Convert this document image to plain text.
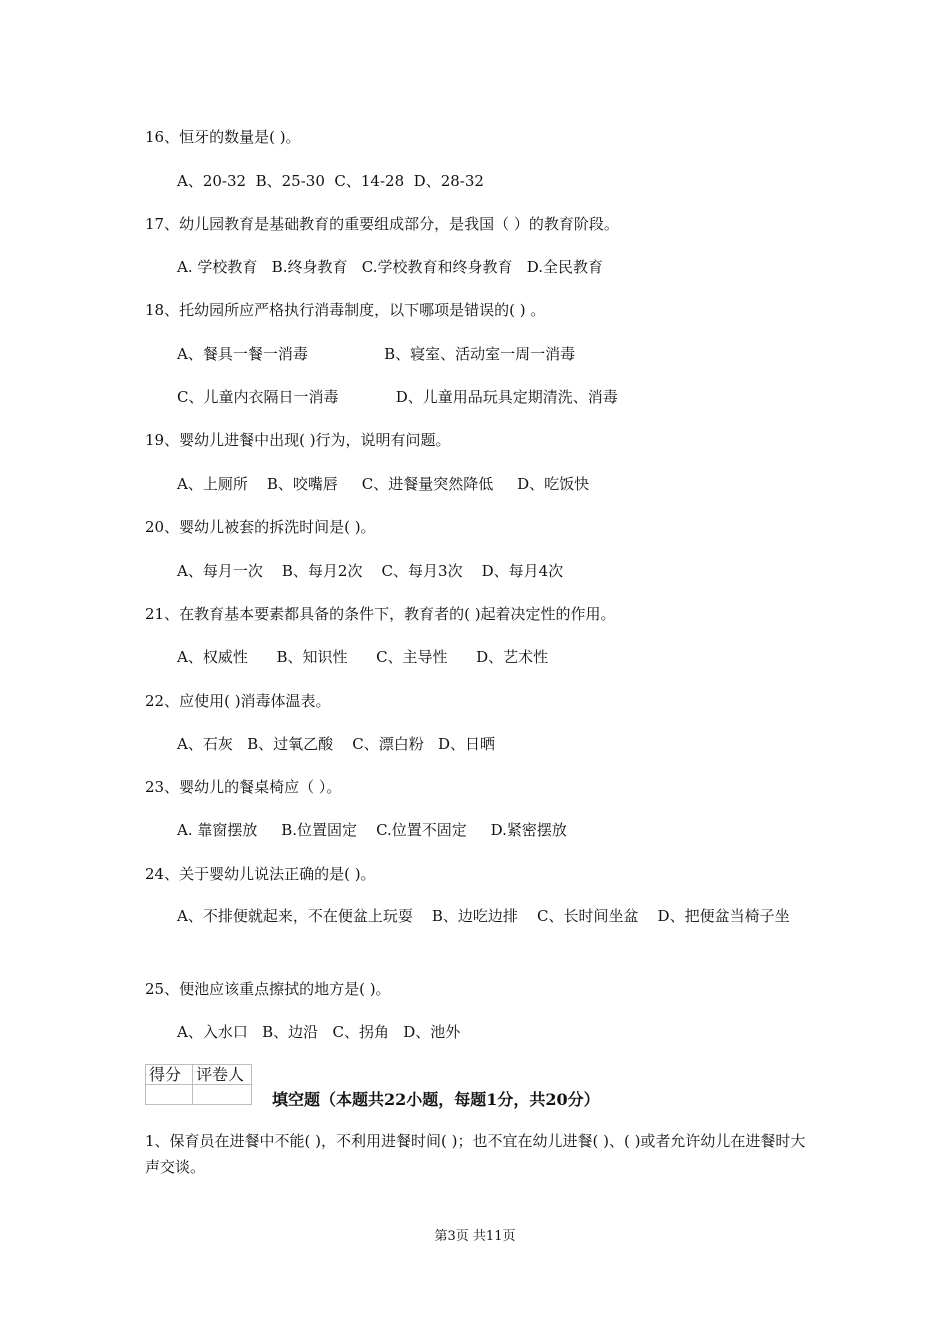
16、恒牙的数量是( )。
A、20-32  B、25-30  C、14-28  D、28-32
17、幼儿园教育是基础教育的重要组成部分，是我国（ ）的教育阶段。
A. 学校教育   B.终身教育   C.学校教育和终身教育   D.全民教育
18、托幼园所应严格执行消毒制度，以下哪项是错误的( ) 。
A、餐具一餐一消毒                B、寝室、活动室一周一消毒
C、儿童内衣隔日一消毒            D、儿童用品玩具定期清洗、消毒
19、婴幼儿进餐中出现( )行为，说明有问题。
A、上厕所    B、咬嘴唇     C、进餐量突然降低     D、吃饭快
20、婴幼儿被套的拆洗时间是( )。
A、每月一次    B、每月2次    C、每月3次    D、每月4次
21、在教育基本要素都具备的条件下，教育者的( )起着决定性的作用。
A、权威性      B、知识性      C、主导性      D、艺术性
22、应使用( )消毒体温表。
A、石灰   B、过氧乙酸    C、漂白粉   D、日晒
23、婴幼儿的餐桌椅应（ ）。
A. 靠窗摆放     B.位置固定    C.位置不固定     D.紧密摆放
24、关于婴幼儿说法正确的是( )。
A、不排便就起来，不在便盆上玩耍    B、边吃边排    C、长时间坐盆    D、把便盆当椅子坐
25、便池应该重点擦拭的地方是( )。
A、入水口   B、边沿   C、拐角   D、池外
得分	评卷人

填空题（本题共22小题，每题1分，共20分）
1、保育员在进餐中不能( )，不利用进餐时间( )；也不宜在幼儿进餐( )、( )或者允许幼儿在进餐时大声交谈。
第3页 共11页
